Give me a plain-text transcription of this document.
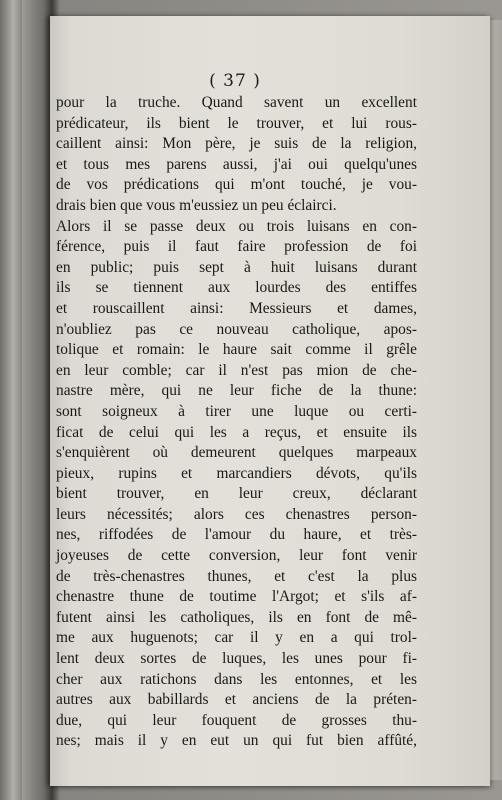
( 37 )
pour la truche. Quand savent un excellent
prédicateur, ils bient le trouver, et lui rous-
caillent ainsi: Mon père, je suis de la religion,
et tous mes parens aussi, j'ai oui quelqu'unes
de vos prédications qui m'ont touché, je vou-
drais bien que vous m'eussiez un peu éclairci.
Alors il se passe deux ou trois luisans en con-
férence, puis il faut faire profession de foi
en public; puis sept à huit luisans durant
ils se tiennent aux lourdes des entiffes
et rouscaillent ainsi: Messieurs et dames,
n'oubliez pas ce nouveau catholique, apos-
tolique et romain: le haure sait comme il grêle
en leur comble; car il n'est pas mion de che-
nastre mère, qui ne leur fiche de la thune:
sont soigneux à tirer une luque ou certi-
ficat de celui qui les a reçus, et ensuite ils
s'enquièrent où demeurent quelques marpeaux
pieux, rupins et marcandiers dévots, qu'ils
bient trouver, en leur creux, déclarant
leurs nécessités; alors ces chenastres person-
nes, riffodées de l'amour du haure, et très-
joyeuses de cette conversion, leur font venir
de très-chenastres thunes, et c'est la plus
chenastre thune de toutime l'Argot; et s'ils af-
futent ainsi les catholiques, ils en font de mê-
me aux huguenots; car il y en a qui trol-
lent deux sortes de luques, les unes pour fi-
cher aux ratichons dans les entonnes, et les
autres aux babillards et anciens de la préten-
due, qui leur fouquent de grosses thu-
nes; mais il y en eut un qui fut bien affûté,
